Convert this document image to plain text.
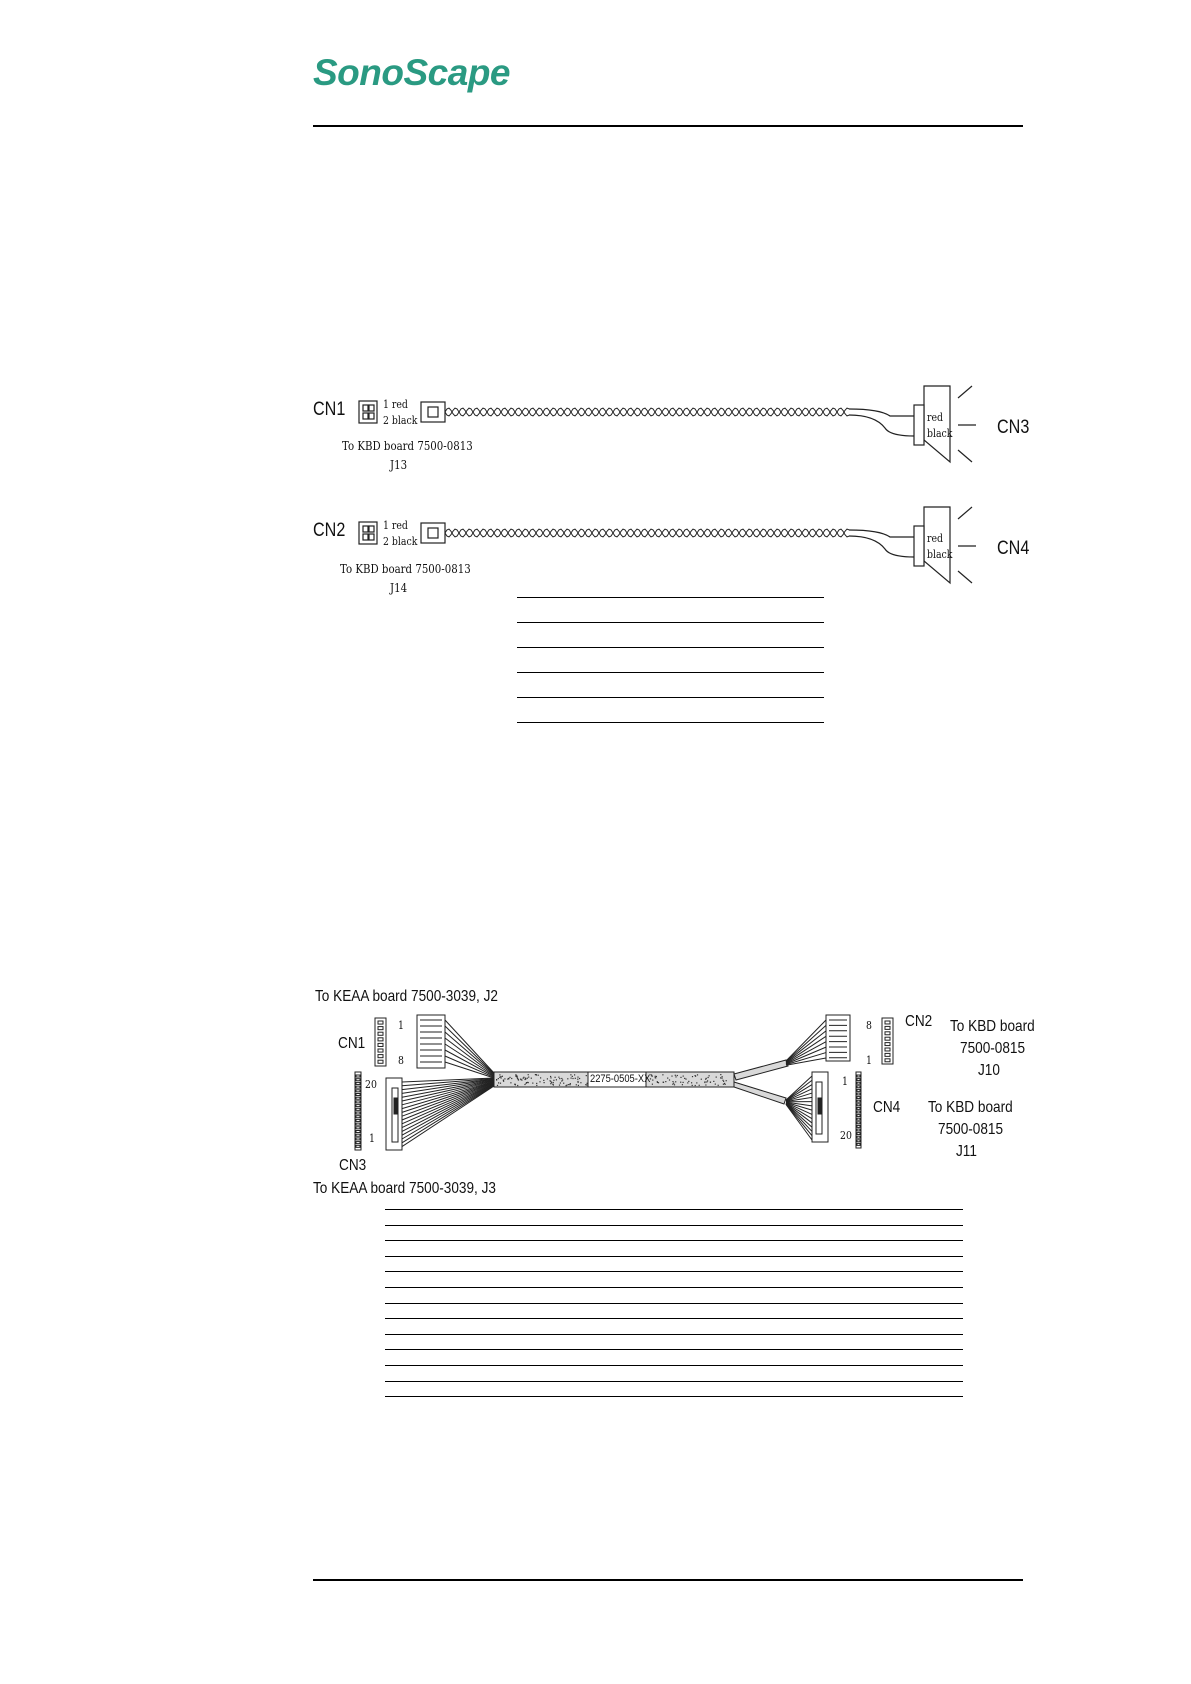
SonoScape
CN1	1 red
2 black
To KBD board 7500-0813
J13
red
black CN3
CN2	1 red
2 black
To KBD board 7500-0813
J14
red
black CN4
To KEAA board 7500-3039, J2
CN1
1
8
20
1
CN3
To KEAA board 7500-3039, J3
2275-0505-XX
8
1
CN2 To KBD board
7500-0815
J10
1
20
CN4 To KBD board
7500-0815
J11
